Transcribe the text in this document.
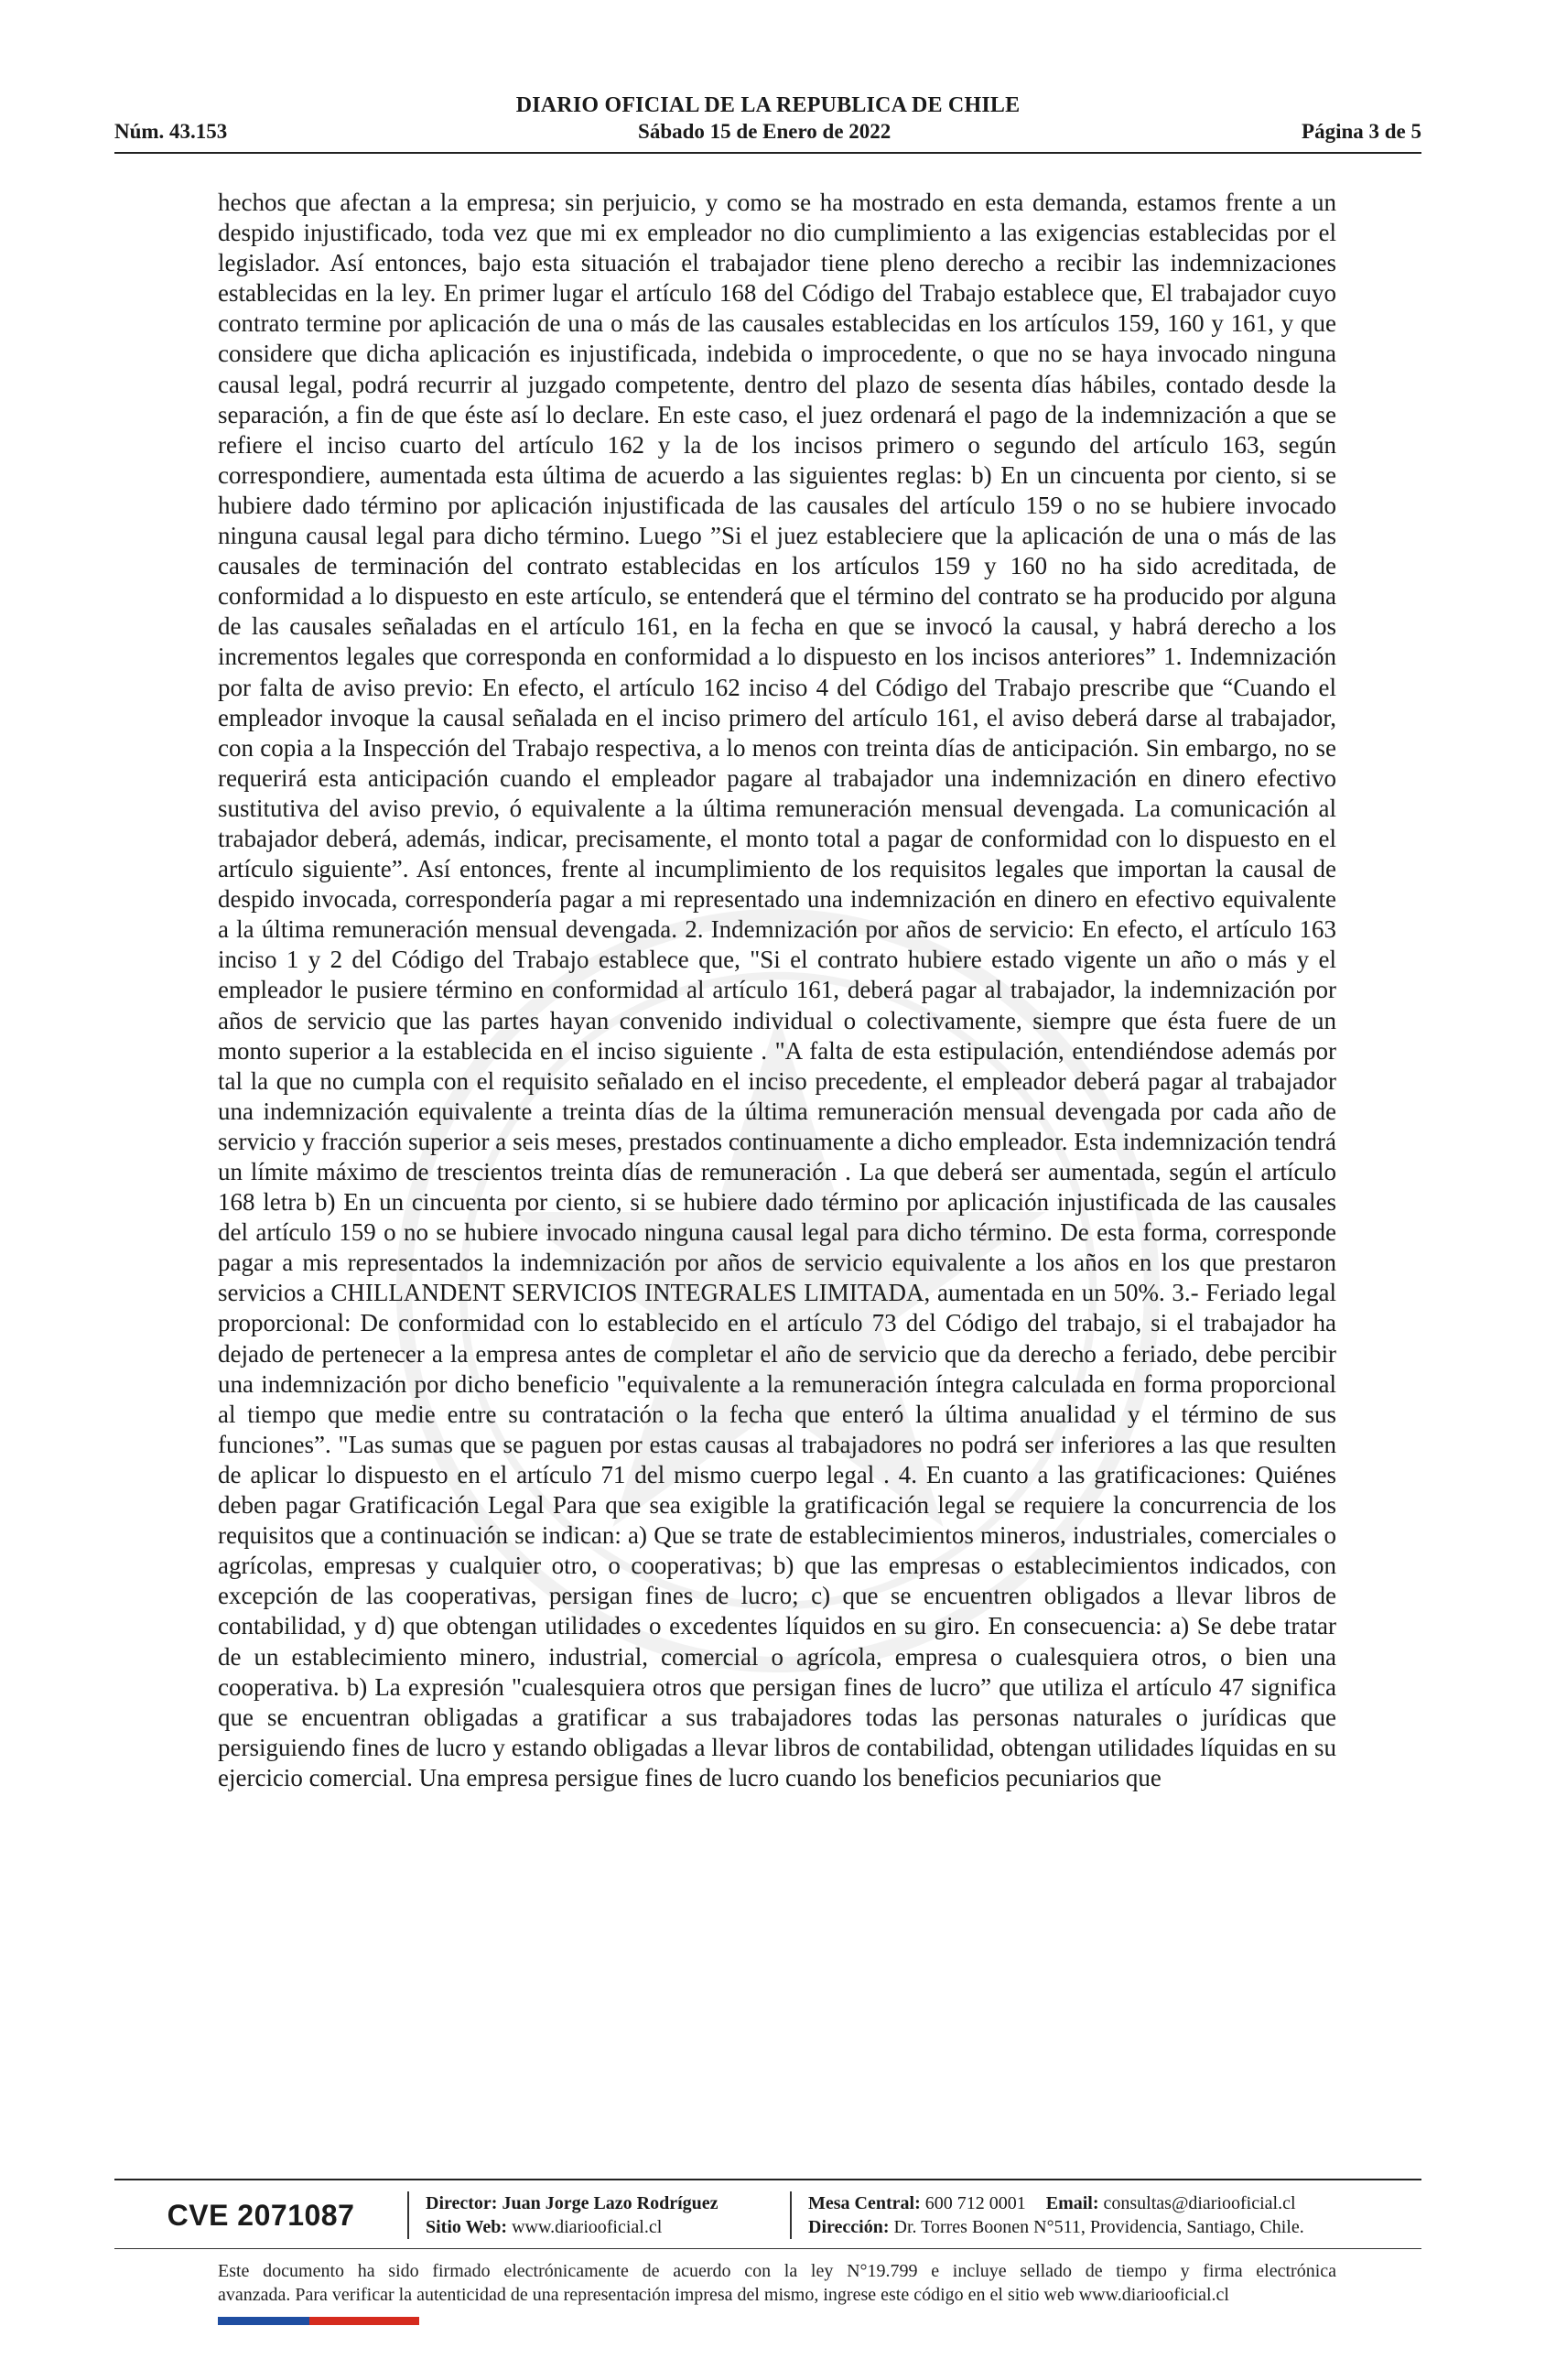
DIARIO OFICIAL DE LA REPUBLICA DE CHILE
Núm. 43.153	Sábado 15 de Enero de 2022	Página 3 de 5

hechos que afectan a la empresa; sin perjuicio, y como se ha mostrado en esta demanda, estamos frente a un despido injustificado, toda vez que mi ex empleador no dio cumplimiento a las exigencias establecidas por el legislador. Así entonces, bajo esta situación el trabajador tiene pleno derecho a recibir las indemnizaciones establecidas en la ley. En primer lugar el artículo 168 del Código del Trabajo establece que, El trabajador cuyo contrato termine por aplicación de una o más de las causales establecidas en los artículos 159, 160 y 161, y que considere que dicha aplicación es injustificada, indebida o improcedente, o que no se haya invocado ninguna causal legal, podrá recurrir al juzgado competente, dentro del plazo de sesenta días hábiles, contado desde la separación, a fin de que éste así lo declare. En este caso, el juez ordenará el pago de la indemnización a que se refiere el inciso cuarto del artículo 162 y la de los incisos primero o segundo del artículo 163, según correspondiere, aumentada esta última de acuerdo a las siguientes reglas: b) En un cincuenta por ciento, si se hubiere dado término por aplicación injustificada de las causales del artículo 159 o no se hubiere invocado ninguna causal legal para dicho término. Luego ”Si el juez estableciere que la aplicación de una o más de las causales de terminación del contrato establecidas en los artículos 159 y 160 no ha sido acreditada, de conformidad a lo dispuesto en este artículo, se entenderá que el término del contrato se ha producido por alguna de las causales señaladas en el artículo 161, en la fecha en que se invocó la causal, y habrá derecho a los incrementos legales que corresponda en conformidad a lo dispuesto en los incisos anteriores” 1. Indemnización por falta de aviso previo: En efecto, el artículo 162 inciso 4 del Código del Trabajo prescribe que “Cuando el empleador invoque la causal señalada en el inciso primero del artículo 161, el aviso deberá darse al trabajador, con copia a la Inspección del Trabajo respectiva, a lo menos con treinta días de anticipación. Sin embargo, no se requerirá esta anticipación cuando el empleador pagare al trabajador una indemnización en dinero efectivo sustitutiva del aviso previo, ó equivalente a la última remuneración mensual devengada. La comunicación al trabajador deberá, además, indicar, precisamente, el monto total a pagar de conformidad con lo dispuesto en el artículo siguiente”. Así entonces, frente al incumplimiento de los requisitos legales que importan la causal de despido invocada, correspondería pagar a mi representado una indemnización en dinero en efectivo equivalente a la última remuneración mensual devengada. 2. Indemnización por años de servicio: En efecto, el artículo 163 inciso 1 y 2 del Código del Trabajo establece que, "Si el contrato hubiere estado vigente un año o más y el empleador le pusiere término en conformidad al artículo 161, deberá pagar al trabajador, la indemnización por años de servicio que las partes hayan convenido individual o colectivamente, siempre que ésta fuere de un monto superior a la establecida en el inciso siguiente . "A falta de esta estipulación, entendiéndose además por tal la que no cumpla con el requisito señalado en el inciso precedente, el empleador deberá pagar al trabajador una indemnización equivalente a treinta días de la última remuneración mensual devengada por cada año de servicio y fracción superior a seis meses, prestados continuamente a dicho empleador. Esta indemnización tendrá un límite máximo de trescientos treinta días de remuneración . La que deberá ser aumentada, según el artículo 168 letra b) En un cincuenta por ciento, si se hubiere dado término por aplicación injustificada de las causales del artículo 159 o no se hubiere invocado ninguna causal legal para dicho término. De esta forma, corresponde pagar a mis representados la indemnización por años de servicio equivalente a los años en los que prestaron servicios a CHILLANDENT SERVICIOS INTEGRALES LIMITADA, aumentada en un 50%. 3.- Feriado legal proporcional: De conformidad con lo establecido en el artículo 73 del Código del trabajo, si el trabajador ha dejado de pertenecer a la empresa antes de completar el año de servicio que da derecho a feriado, debe percibir una indemnización por dicho beneficio "equivalente a la remuneración íntegra calculada en forma proporcional al tiempo que medie entre su contratación o la fecha que enteró la última anualidad y el término de sus funciones”. "Las sumas que se paguen por estas causas al trabajadores no podrá ser inferiores a las que resulten de aplicar lo dispuesto en el artículo 71 del mismo cuerpo legal . 4. En cuanto a las gratificaciones: Quiénes deben pagar Gratificación Legal Para que sea exigible la gratificación legal se requiere la concurrencia de los requisitos que a continuación se indican: a) Que se trate de establecimientos mineros, industriales, comerciales o agrícolas, empresas y cualquier otro, o cooperativas; b) que las empresas o establecimientos indicados, con excepción de las cooperativas, persigan fines de lucro; c) que se encuentren obligados a llevar libros de contabilidad, y d) que obtengan utilidades o excedentes líquidos en su giro. En consecuencia: a) Se debe tratar de un establecimiento minero, industrial, comercial o agrícola, empresa o cualesquiera otros, o bien una cooperativa. b) La expresión "cualesquiera otros que persigan fines de lucro” que utiliza el artículo 47 significa que se encuentran obligadas a gratificar a sus trabajadores todas las personas naturales o jurídicas que persiguiendo fines de lucro y estando obligadas a llevar libros de contabilidad, obtengan utilidades líquidas en su ejercicio comercial. Una empresa persigue fines de lucro cuando los beneficios pecuniarios que

CVE 2071087	Director: Juan Jorge Lazo Rodríguez
Sitio Web: www.diariooficial.cl
Mesa Central: 600 712 0001 Email: consultas@diariooficial.cl
Dirección: Dr. Torres Boonen N°511, Providencia, Santiago, Chile.
Este documento ha sido firmado electrónicamente de acuerdo con la ley N°19.799 e incluye sellado de tiempo y firma electrónica
avanzada. Para verificar la autenticidad de una representación impresa del mismo, ingrese este código en el sitio web www.diariooficial.cl
